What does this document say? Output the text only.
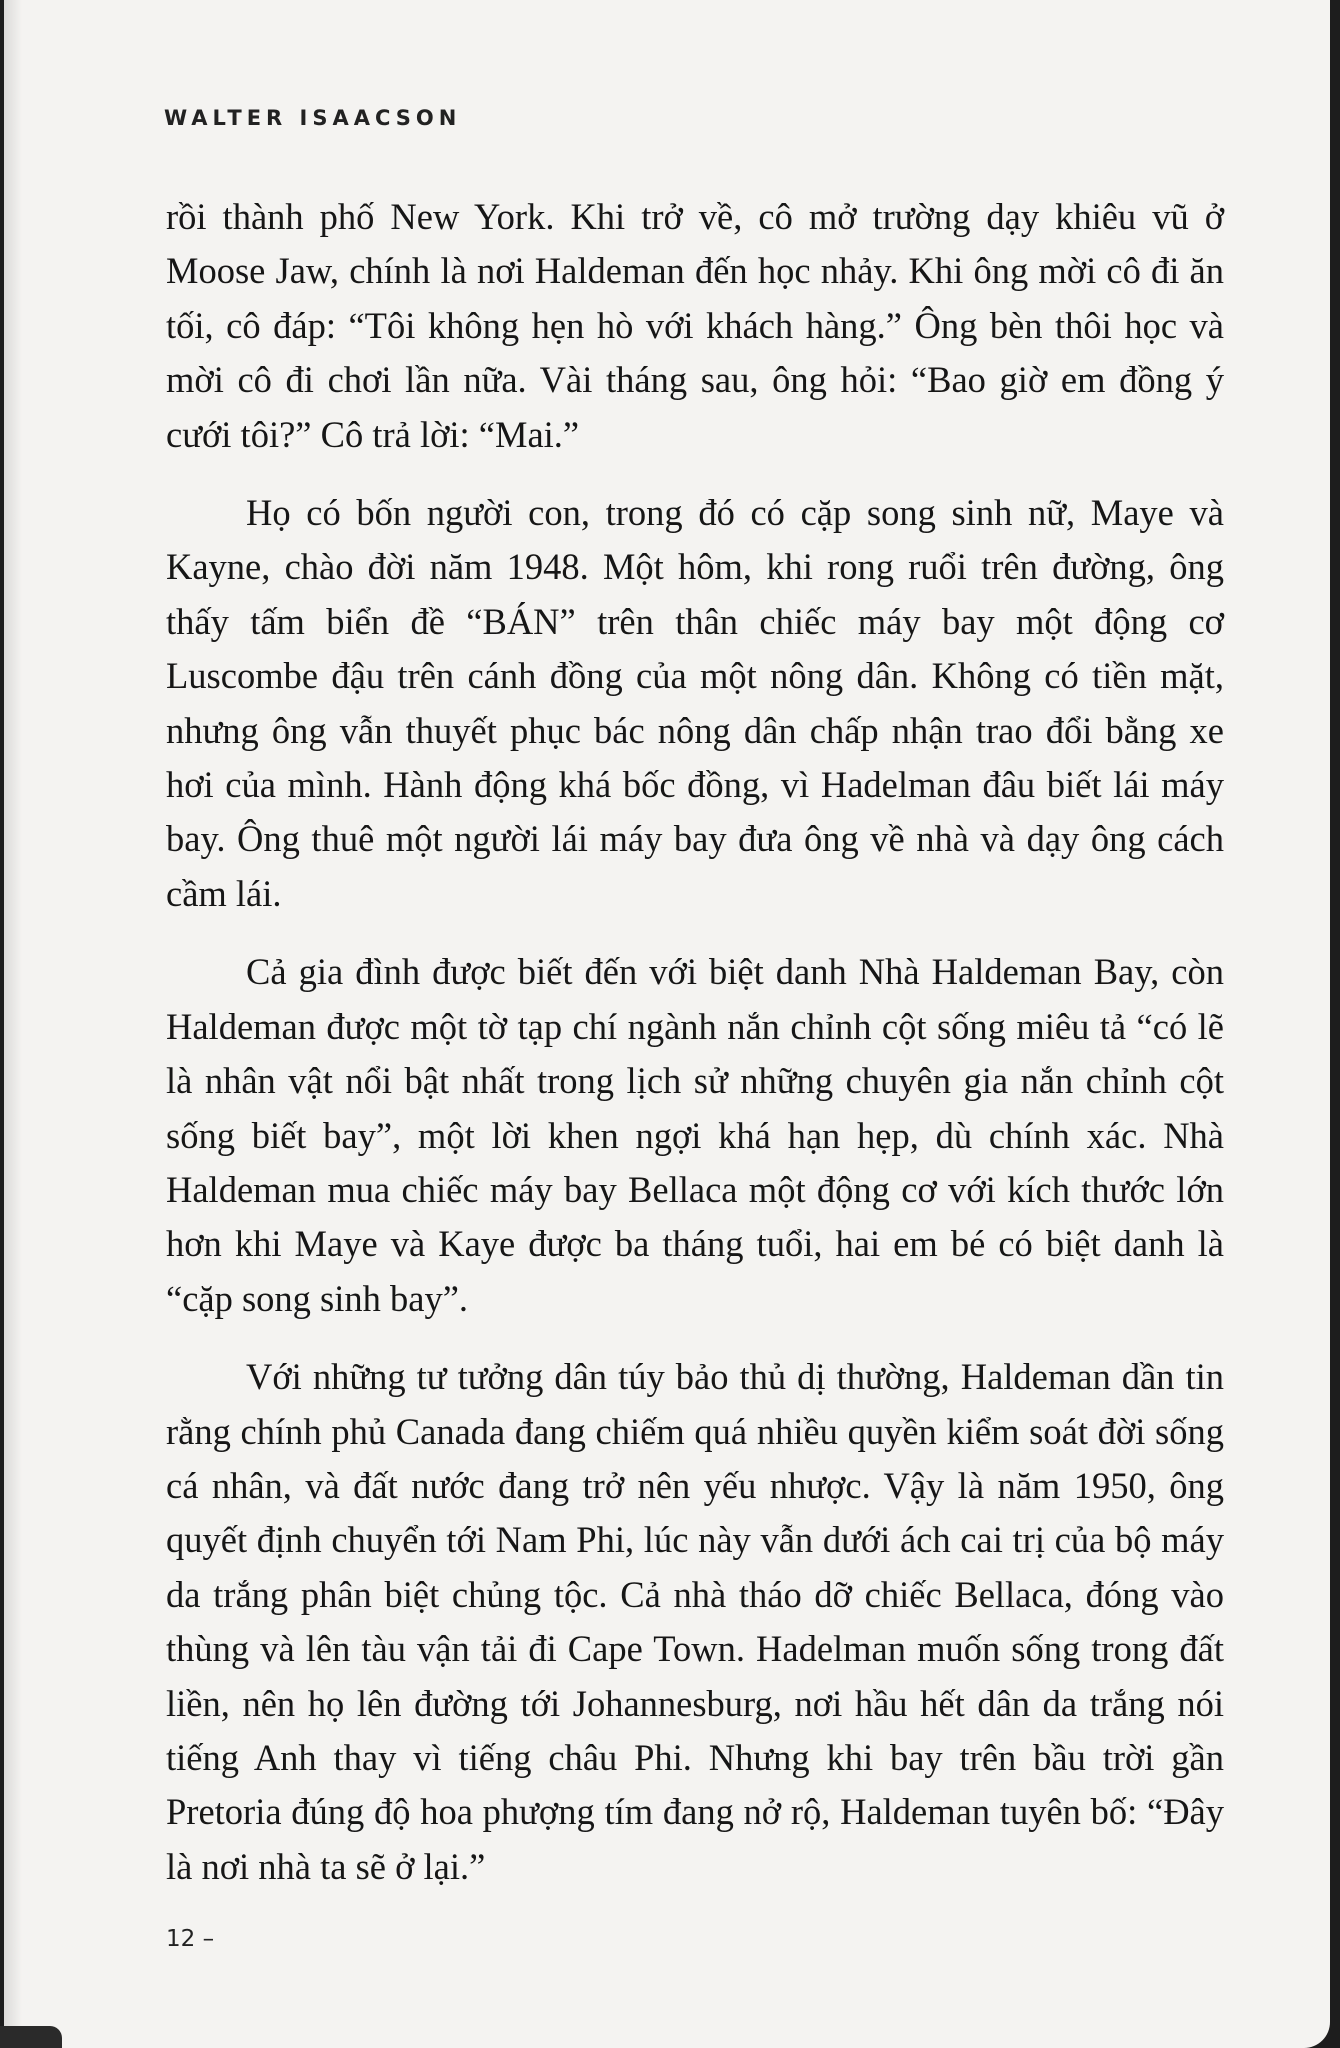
WALTER ISAACSON

rồi thành phố New York. Khi trở về, cô mở trường dạy khiêu vũ ở Moose Jaw, chính là nơi Haldeman đến học nhảy. Khi ông mời cô đi ăn tối, cô đáp: “Tôi không hẹn hò với khách hàng.” Ông bèn thôi học và mời cô đi chơi lần nữa. Vài tháng sau, ông hỏi: “Bao giờ em đồng ý cưới tôi?” Cô trả lời: “Mai.”

Họ có bốn người con, trong đó có cặp song sinh nữ, Maye và Kayne, chào đời năm 1948. Một hôm, khi rong ruổi trên đường, ông thấy tấm biển đề “BÁN” trên thân chiếc máy bay một động cơ Luscombe đậu trên cánh đồng của một nông dân. Không có tiền mặt, nhưng ông vẫn thuyết phục bác nông dân chấp nhận trao đổi bằng xe hơi của mình. Hành động khá bốc đồng, vì Hadelman đâu biết lái máy bay. Ông thuê một người lái máy bay đưa ông về nhà và dạy ông cách cầm lái.

Cả gia đình được biết đến với biệt danh Nhà Haldeman Bay, còn Haldeman được một tờ tạp chí ngành nắn chỉnh cột sống miêu tả “có lẽ là nhân vật nổi bật nhất trong lịch sử những chuyên gia nắn chỉnh cột sống biết bay”, một lời khen ngợi khá hạn hẹp, dù chính xác. Nhà Haldeman mua chiếc máy bay Bellaca một động cơ với kích thước lớn hơn khi Maye và Kaye được ba tháng tuổi, hai em bé có biệt danh là “cặp song sinh bay”.

Với những tư tưởng dân túy bảo thủ dị thường, Haldeman dần tin rằng chính phủ Canada đang chiếm quá nhiều quyền kiểm soát đời sống cá nhân, và đất nước đang trở nên yếu nhược. Vậy là năm 1950, ông quyết định chuyển tới Nam Phi, lúc này vẫn dưới ách cai trị của bộ máy da trắng phân biệt chủng tộc. Cả nhà tháo dỡ chiếc Bellaca, đóng vào thùng và lên tàu vận tải đi Cape Town. Hadelman muốn sống trong đất liền, nên họ lên đường tới Johannesburg, nơi hầu hết dân da trắng nói tiếng Anh thay vì tiếng châu Phi. Nhưng khi bay trên bầu trời gần Pretoria đúng độ hoa phượng tím đang nở rộ, Haldeman tuyên bố: “Đây là nơi nhà ta sẽ ở lại.”

12 –
